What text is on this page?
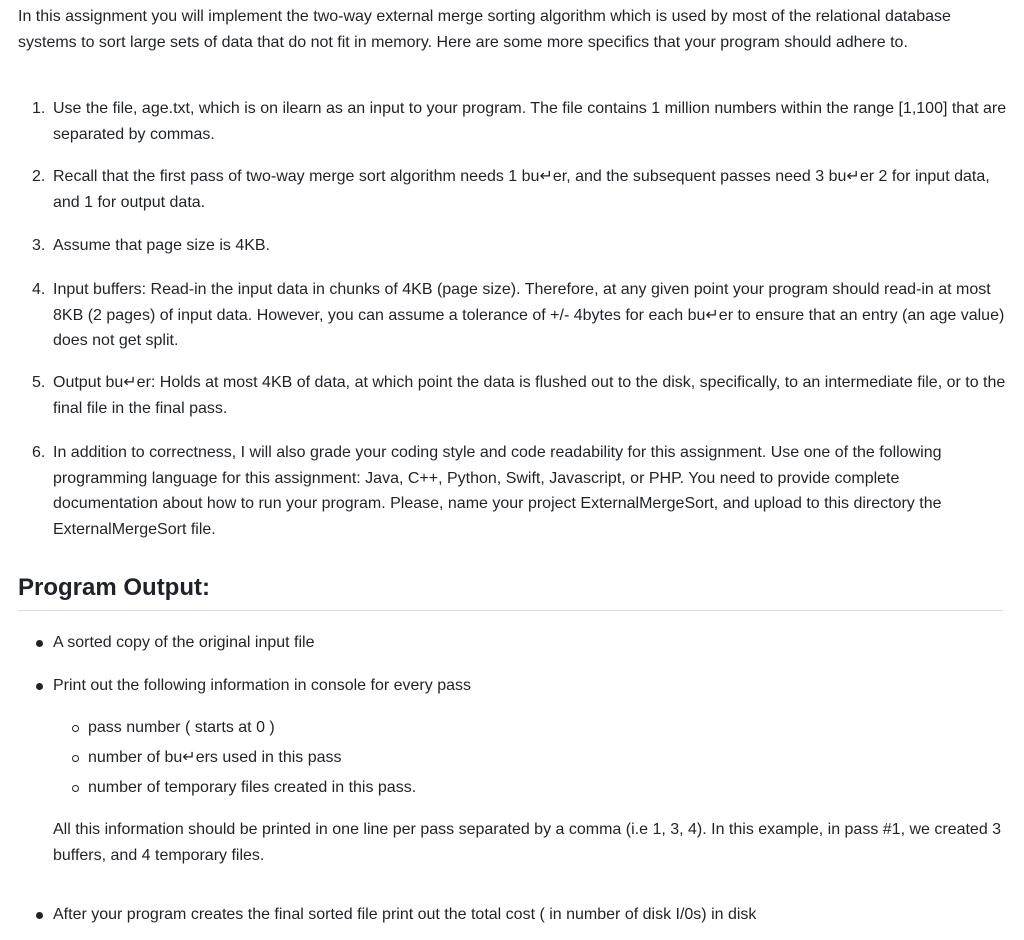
In this assignment you will implement the two-way external merge sorting algorithm which is used by most of the relational database systems to sort large sets of data that do not fit in memory. Here are some more specifics that your program should adhere to.

1. Use the file, age.txt, which is on ilearn as an input to your program. The file contains 1 million numbers within the range [1,100] that are separated by commas.
2. Recall that the first pass of two-way merge sort algorithm needs 1 bu↵er, and the subsequent passes need 3 bu↵er 2 for input data, and 1 for output data.
3. Assume that page size is 4KB.
4. Input buffers: Read-in the input data in chunks of 4KB (page size). Therefore, at any given point your program should read-in at most 8KB (2 pages) of input data. However, you can assume a tolerance of +/- 4bytes for each bu↵er to ensure that an entry (an age value) does not get split.
5. Output bu↵er: Holds at most 4KB of data, at which point the data is flushed out to the disk, specifically, to an intermediate file, or to the final file in the final pass.
6. In addition to correctness, I will also grade your coding style and code readability for this assignment. Use one of the following programming language for this assignment: Java, C++, Python, Swift, Javascript, or PHP. You need to provide complete documentation about how to run your program. Please, name your project ExternalMergeSort, and upload to this directory the ExternalMergeSort file.
Program Output:
A sorted copy of the original input file
Print out the following information in console for every pass
pass number ( starts at 0 )
number of bu↵ers used in this pass
number of temporary files created in this pass.

All this information should be printed in one line per pass separated by a comma (i.e 1, 3, 4). In this example, in pass #1, we created 3 buffers, and 4 temporary files.

After your program creates the final sorted file print out the total cost ( in number of disk I/0s) in disk
